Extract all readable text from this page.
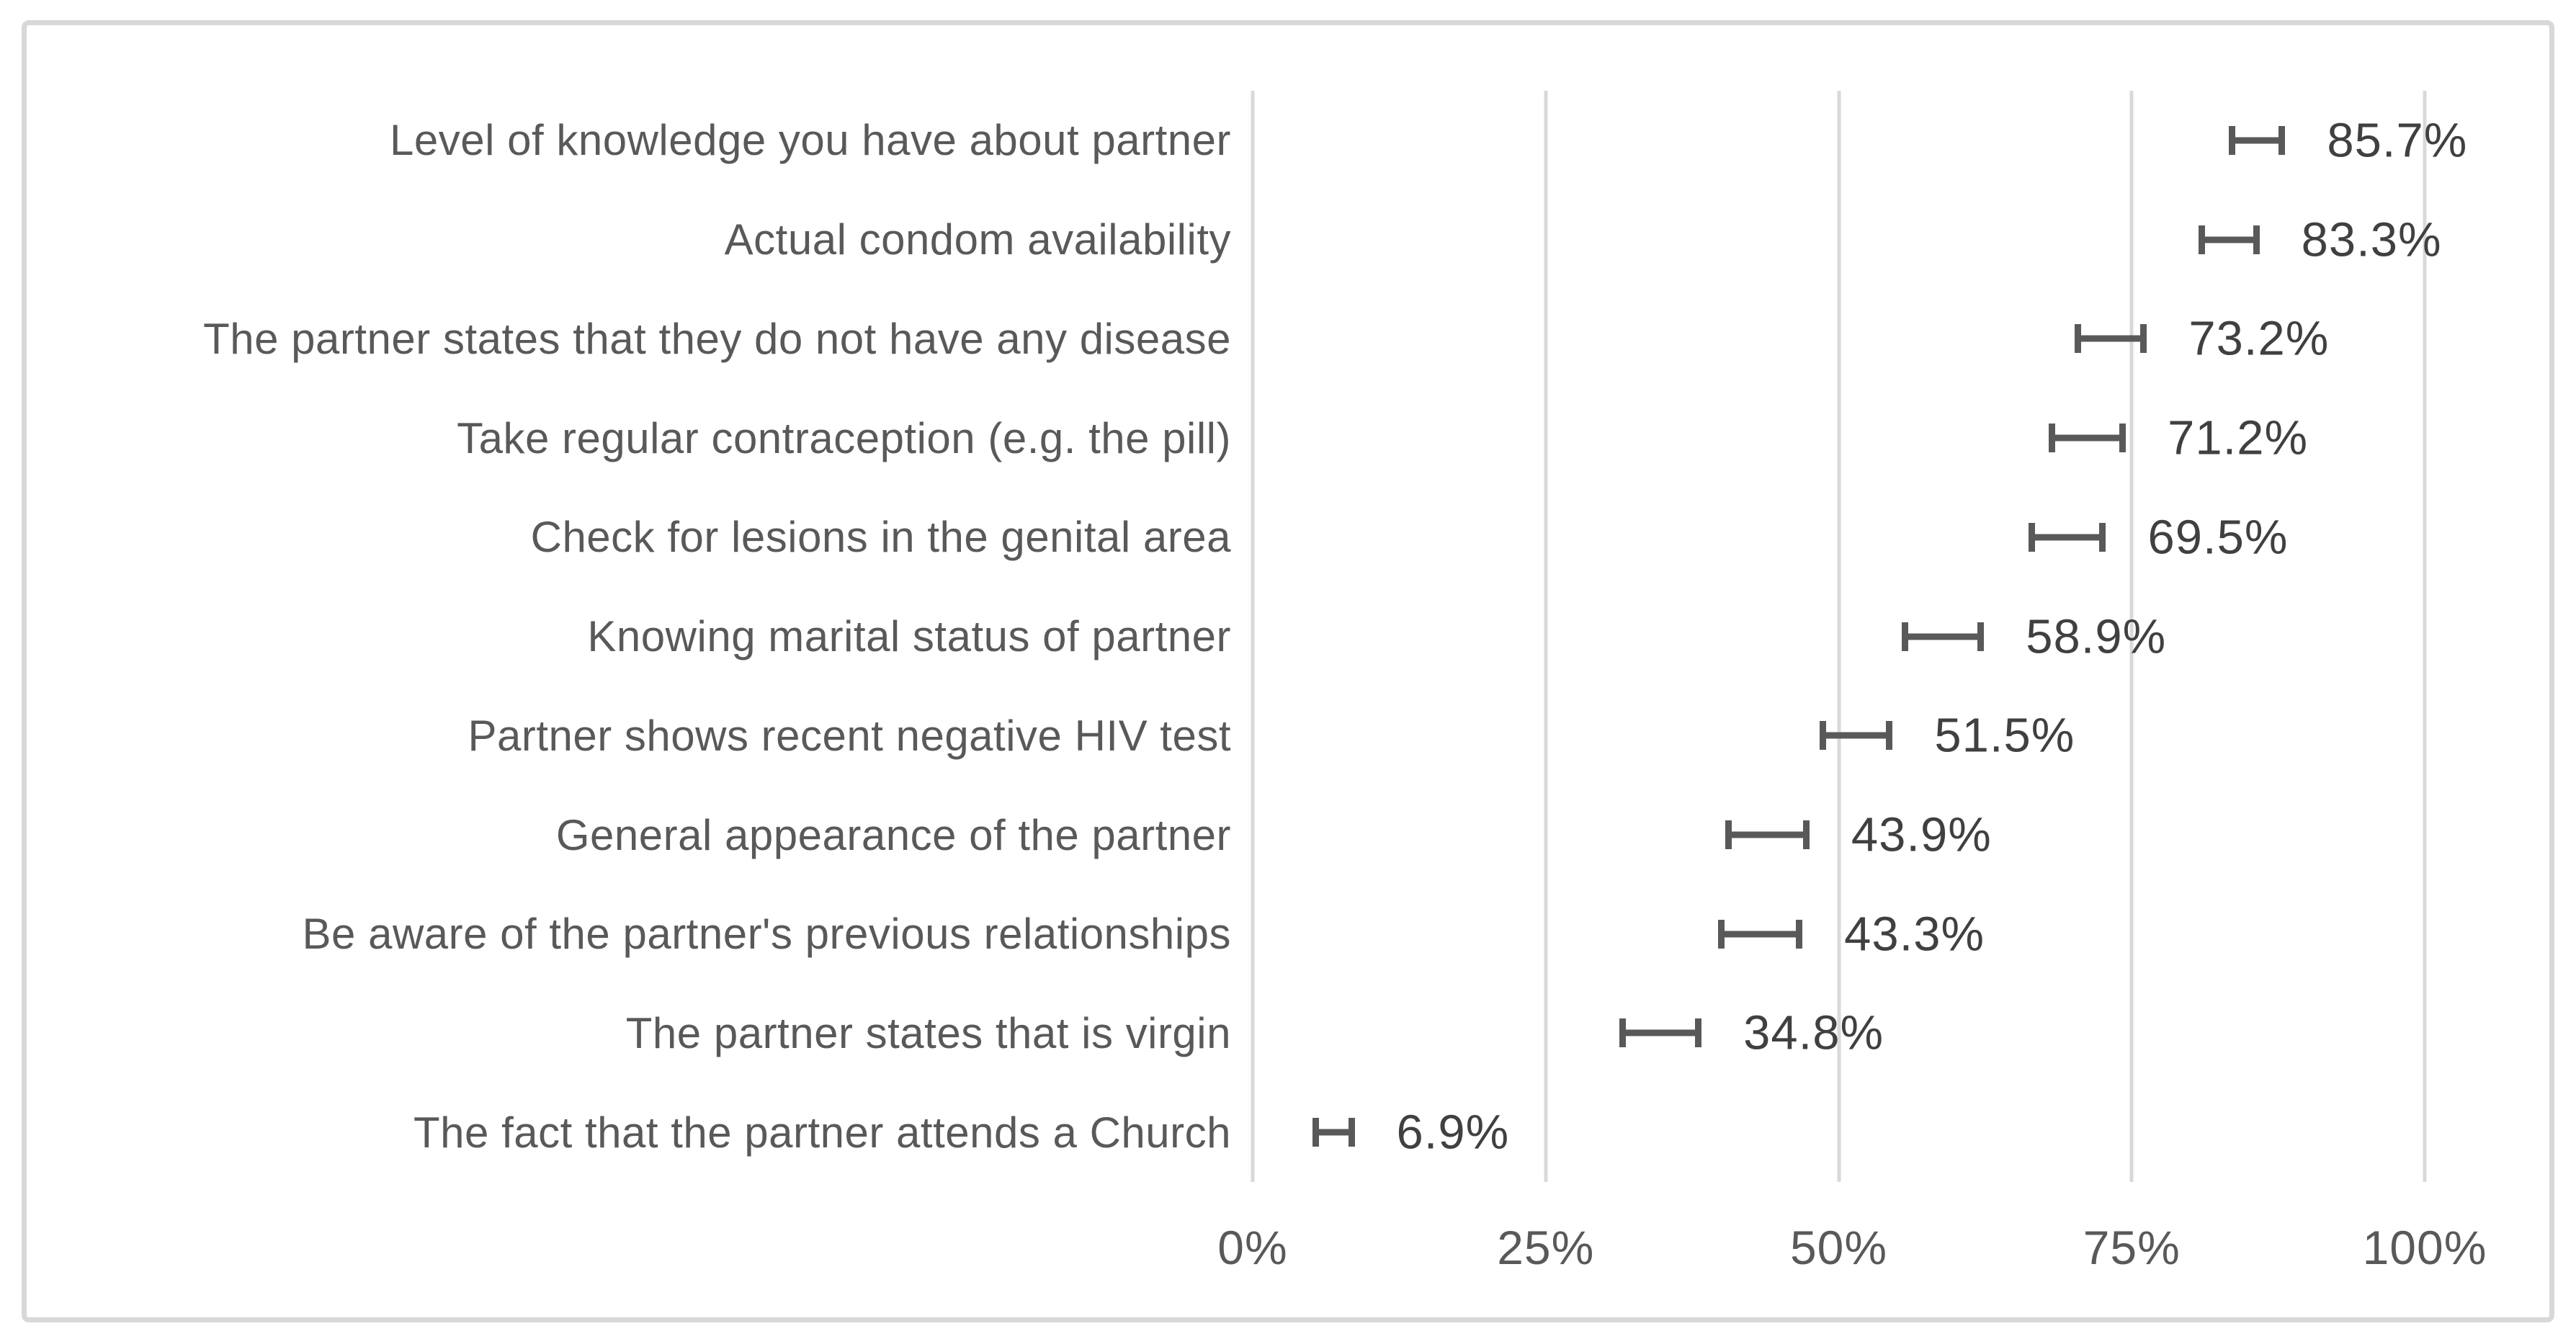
Level of knowledge you have about partner
Actual condom availability
The partner states that they do not have any disease
Take regular contraception (e.g. the pill)
Check for lesions in the genital area
Knowing marital status of partner
Partner shows recent negative HIV test
General appearance of the partner
Be aware of the partner's previous relationships
The partner states that is virgin
The fact that the partner attends a Church
85.7%
83.3%
73.2%
71.2%
69.5%
58.9%
51.5%
43.9%
43.3%
34.8%
6.9%
0%	25%	50%	75%	100%
